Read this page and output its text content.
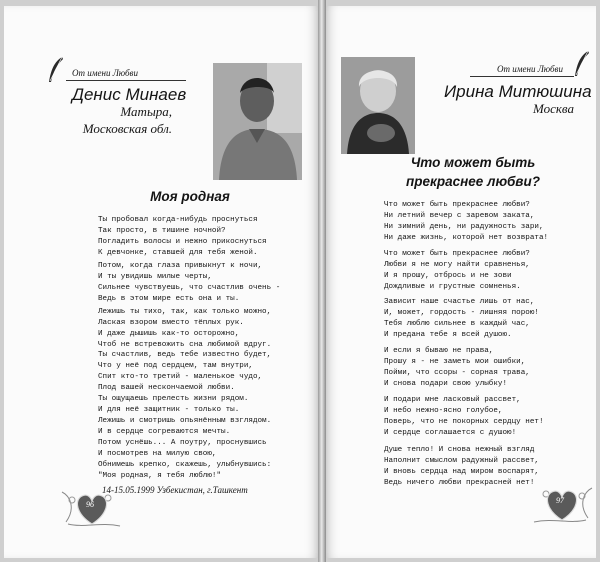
От имени Любви
Денис Минаев
Матыра,
Московская обл.
Моя родная
Ты пробовал когда-нибудь проснуться
Так просто, в тишине ночной?
Погладить волосы и нежно прикоснуться
К девчонке, ставшей для тебя женой.
Потом, когда глаза привыкнут к ночи,
И ты увидишь милые черты,
Сильнее чувствуешь, что счастлив очень -
Ведь в этом мире есть она и ты.
Лежишь ты тихо, так, как только можно,
Лаская взором вместо тёплых рук.
И даже дышишь как-то осторожно,
Чтоб не встревожить сна любимой вдруг.
Ты счастлив, ведь тебе известно будет,
Что у неё под сердцем, там внутри,
Спит кто-то третий - маленькое чудо,
Плод вашей нескончаемой любви.
Ты ощущаешь прелесть жизни рядом.
И для неё защитник - только ты.
Лежишь и смотришь опьянённым взглядом.
И в сердце согреваются мечты.
Потом уснёшь... А поутру, проснувшись
И посмотрев на милую свою,
Обнимешь крепко, скажешь, улыбнувшись:
"Моя родная, я тебя люблю!"
14-15.05.1999 Узбекистан, г.Ташкент
96
От имени Любви
Ирина Митюшина
Москва
Что может быть
прекраснее любви?
Что может быть прекраснее любви?
Ни летний вечер с заревом заката,
Ни зимний день, ни радужность зари,
Ни даже жизнь, которой нет возврата!
Что может быть прекраснее любви?
Любви я не могу найти сравненья,
И я прошу, отбрось и не зови
Дождливые и грустные сомненья.
Зависит наше счастье лишь от нас,
И, может, гордость - лишняя порою!
Тебя люблю сильнее в каждый час,
И предана тебе я всей душою.
И если я бываю не права,
Прошу я - не заметь мои ошибки,
Пойми, что ссоры - сорная трава,
И снова подари свою улыбку!
И подари мне ласковый рассвет,
И небо нежно-ясно голубое,
Поверь, что не покорных сердцу нет!
И сердце соглашается с душою!
Душе тепло! И снова нежный взгляд
Наполнит смыслом радужный рассвет,
И вновь сердца над миром воспарят,
Ведь ничего любви прекрасней нет!
97
